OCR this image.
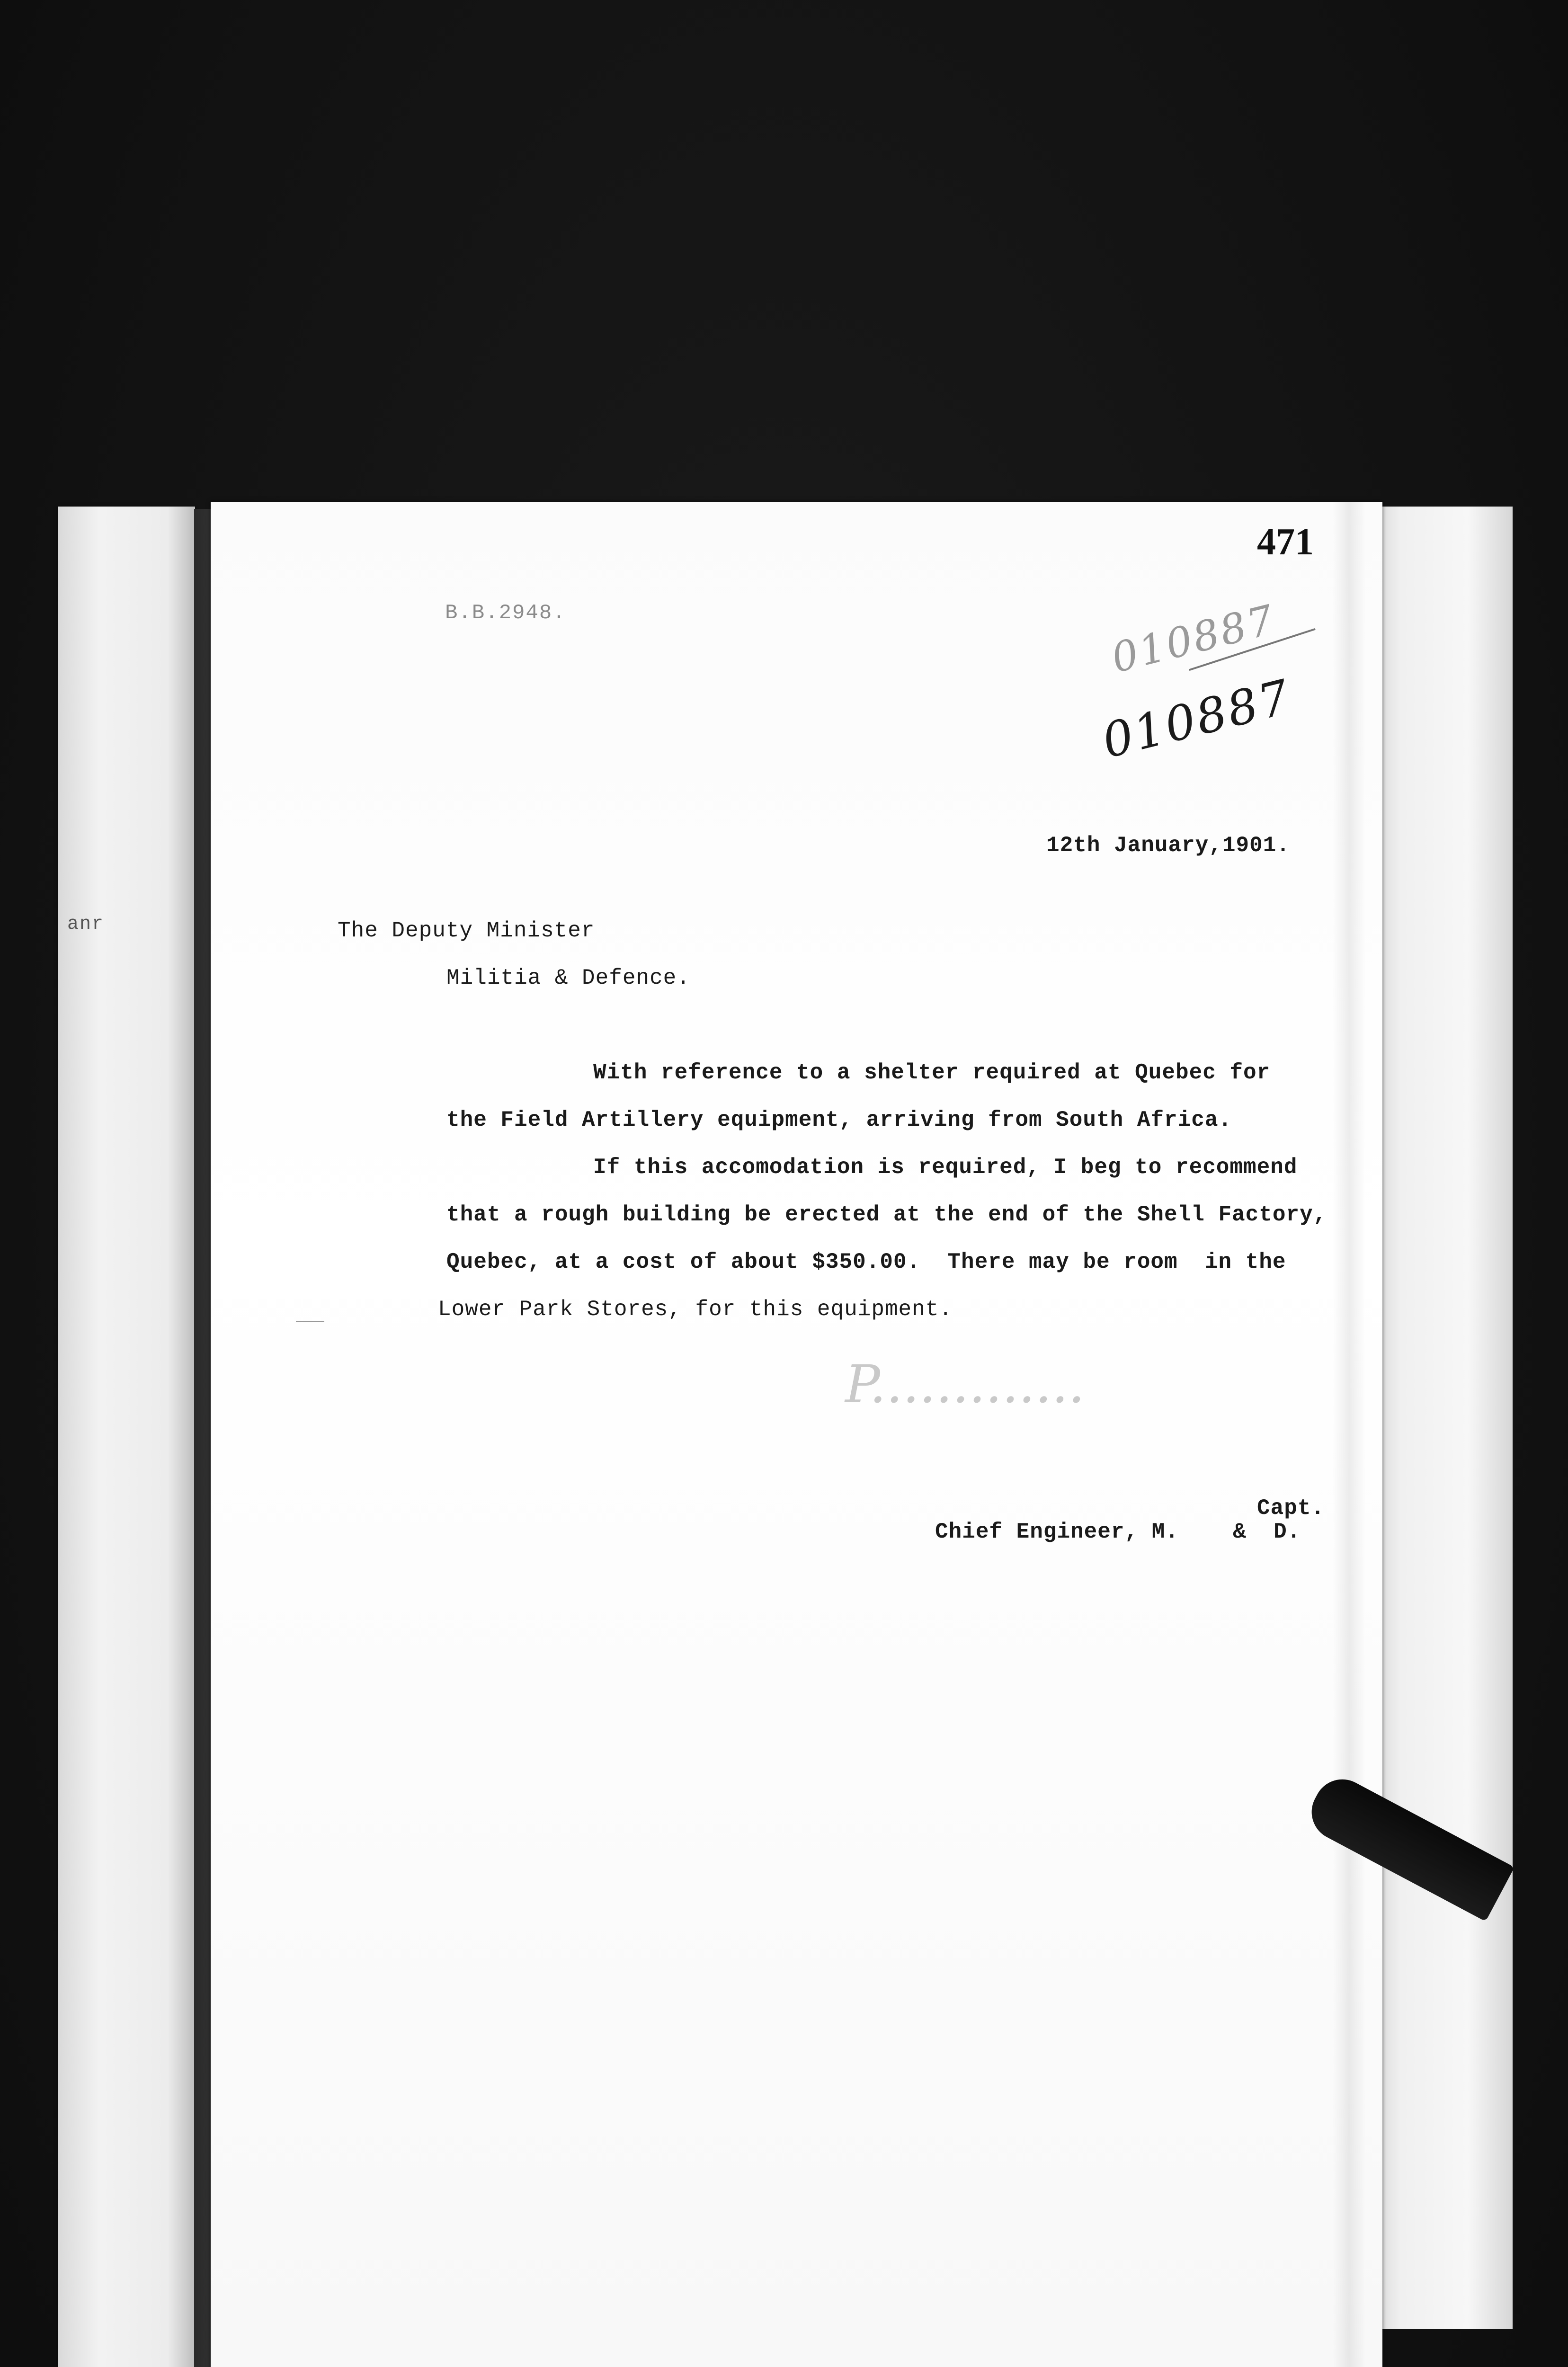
anr
471
B.B.2948.	010887
010887
12th January,1901.
The Deputy Minister
Militia & Defence.
With reference to a shelter required at Quebec for
the Field Artillery equipment, arriving from South Africa.
If this accomodation is required, I beg to recommend
that a rough building be erected at the end of the Shell Factory,
Quebec, at a cost of about $350.00.  There may be room  in the
Lower Park Stores, for this equipment.
P.............
Capt.
Chief Engineer, M.    &  D.
